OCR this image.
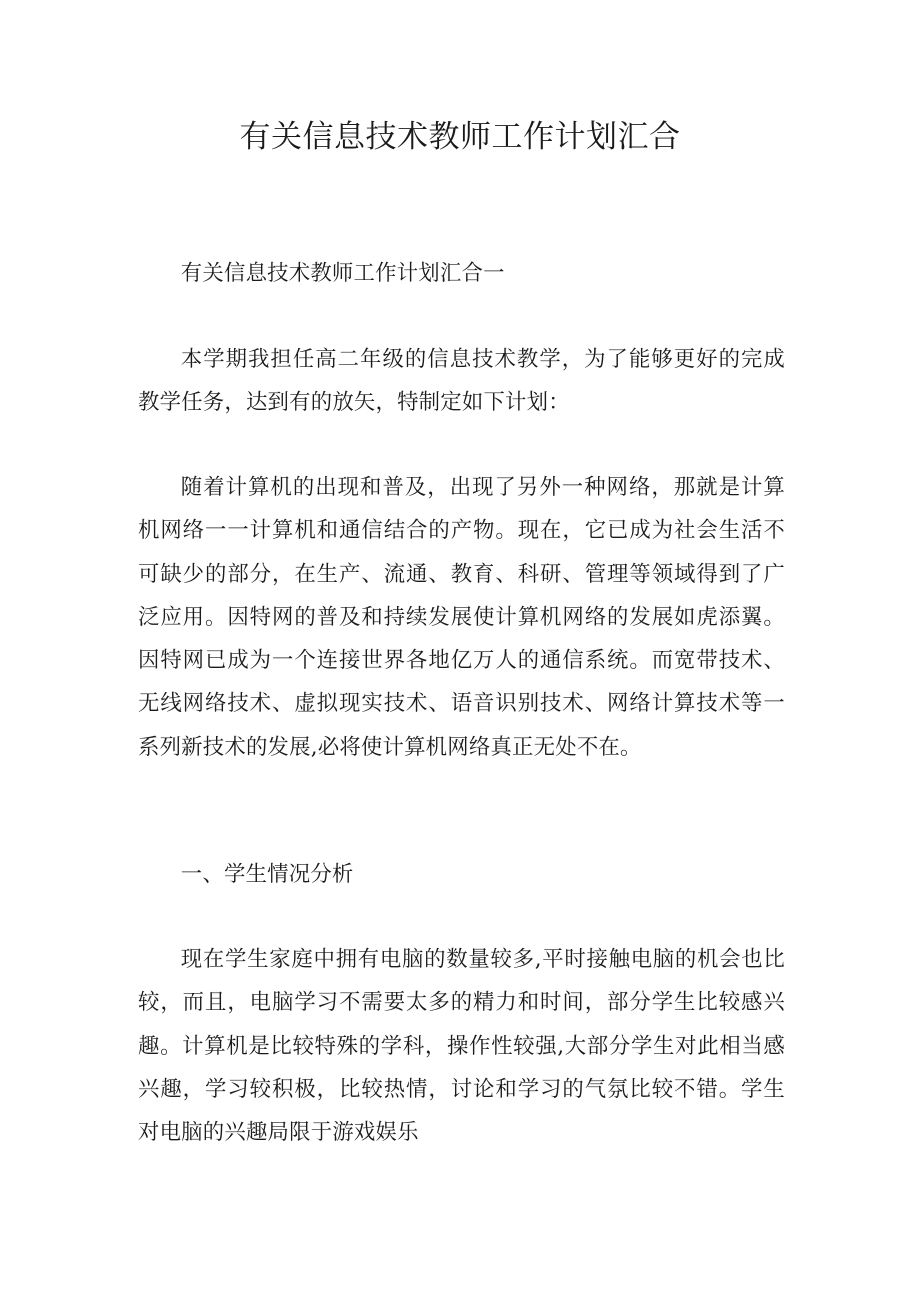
有关信息技术教师工作计划汇合

有关信息技术教师工作计划汇合一

本学期我担任高二年级的信息技术教学，为了能够更好的完成教学任务，达到有的放矢，特制定如下计划：

随着计算机的出现和普及，出现了另外一种网络，那就是计算机网络一一计算机和通信结合的产物。现在，它已成为社会生活不可缺少的部分，在生产、流通、教育、科研、管理等领域得到了广泛应用。因特网的普及和持续发展使计算机网络的发展如虎添翼。因特网已成为一个连接世界各地亿万人的通信系统。而宽带技术、无线网络技术、虚拟现实技术、语音识别技术、网络计算技术等一系列新技术的发展,必将使计算机网络真正无处不在。

一、学生情况分析

现在学生家庭中拥有电脑的数量较多,平时接触电脑的机会也比较，而且，电脑学习不需要太多的精力和时间，部分学生比较感兴趣。计算机是比较特殊的学科，操作性较强,大部分学生对此相当感兴趣，学习较积极，比较热情，讨论和学习的气氛比较不错。学生对电脑的兴趣局限于游戏娱乐
